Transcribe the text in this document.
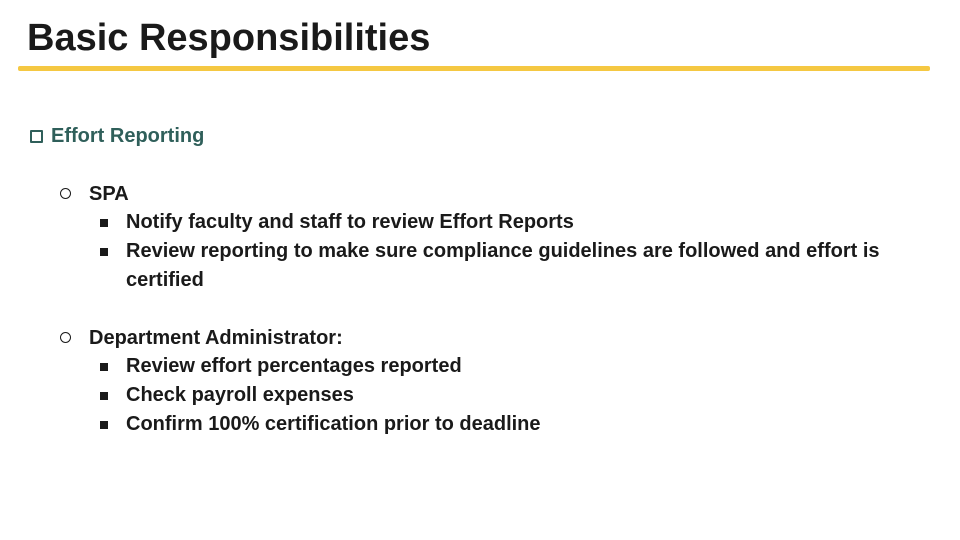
Basic Responsibilities
Effort Reporting
SPA
Notify faculty and staff to review Effort Reports
Review reporting to make sure compliance guidelines are followed and effort is certified
Department Administrator:
Review effort percentages reported
Check payroll expenses
Confirm 100% certification prior to deadline
